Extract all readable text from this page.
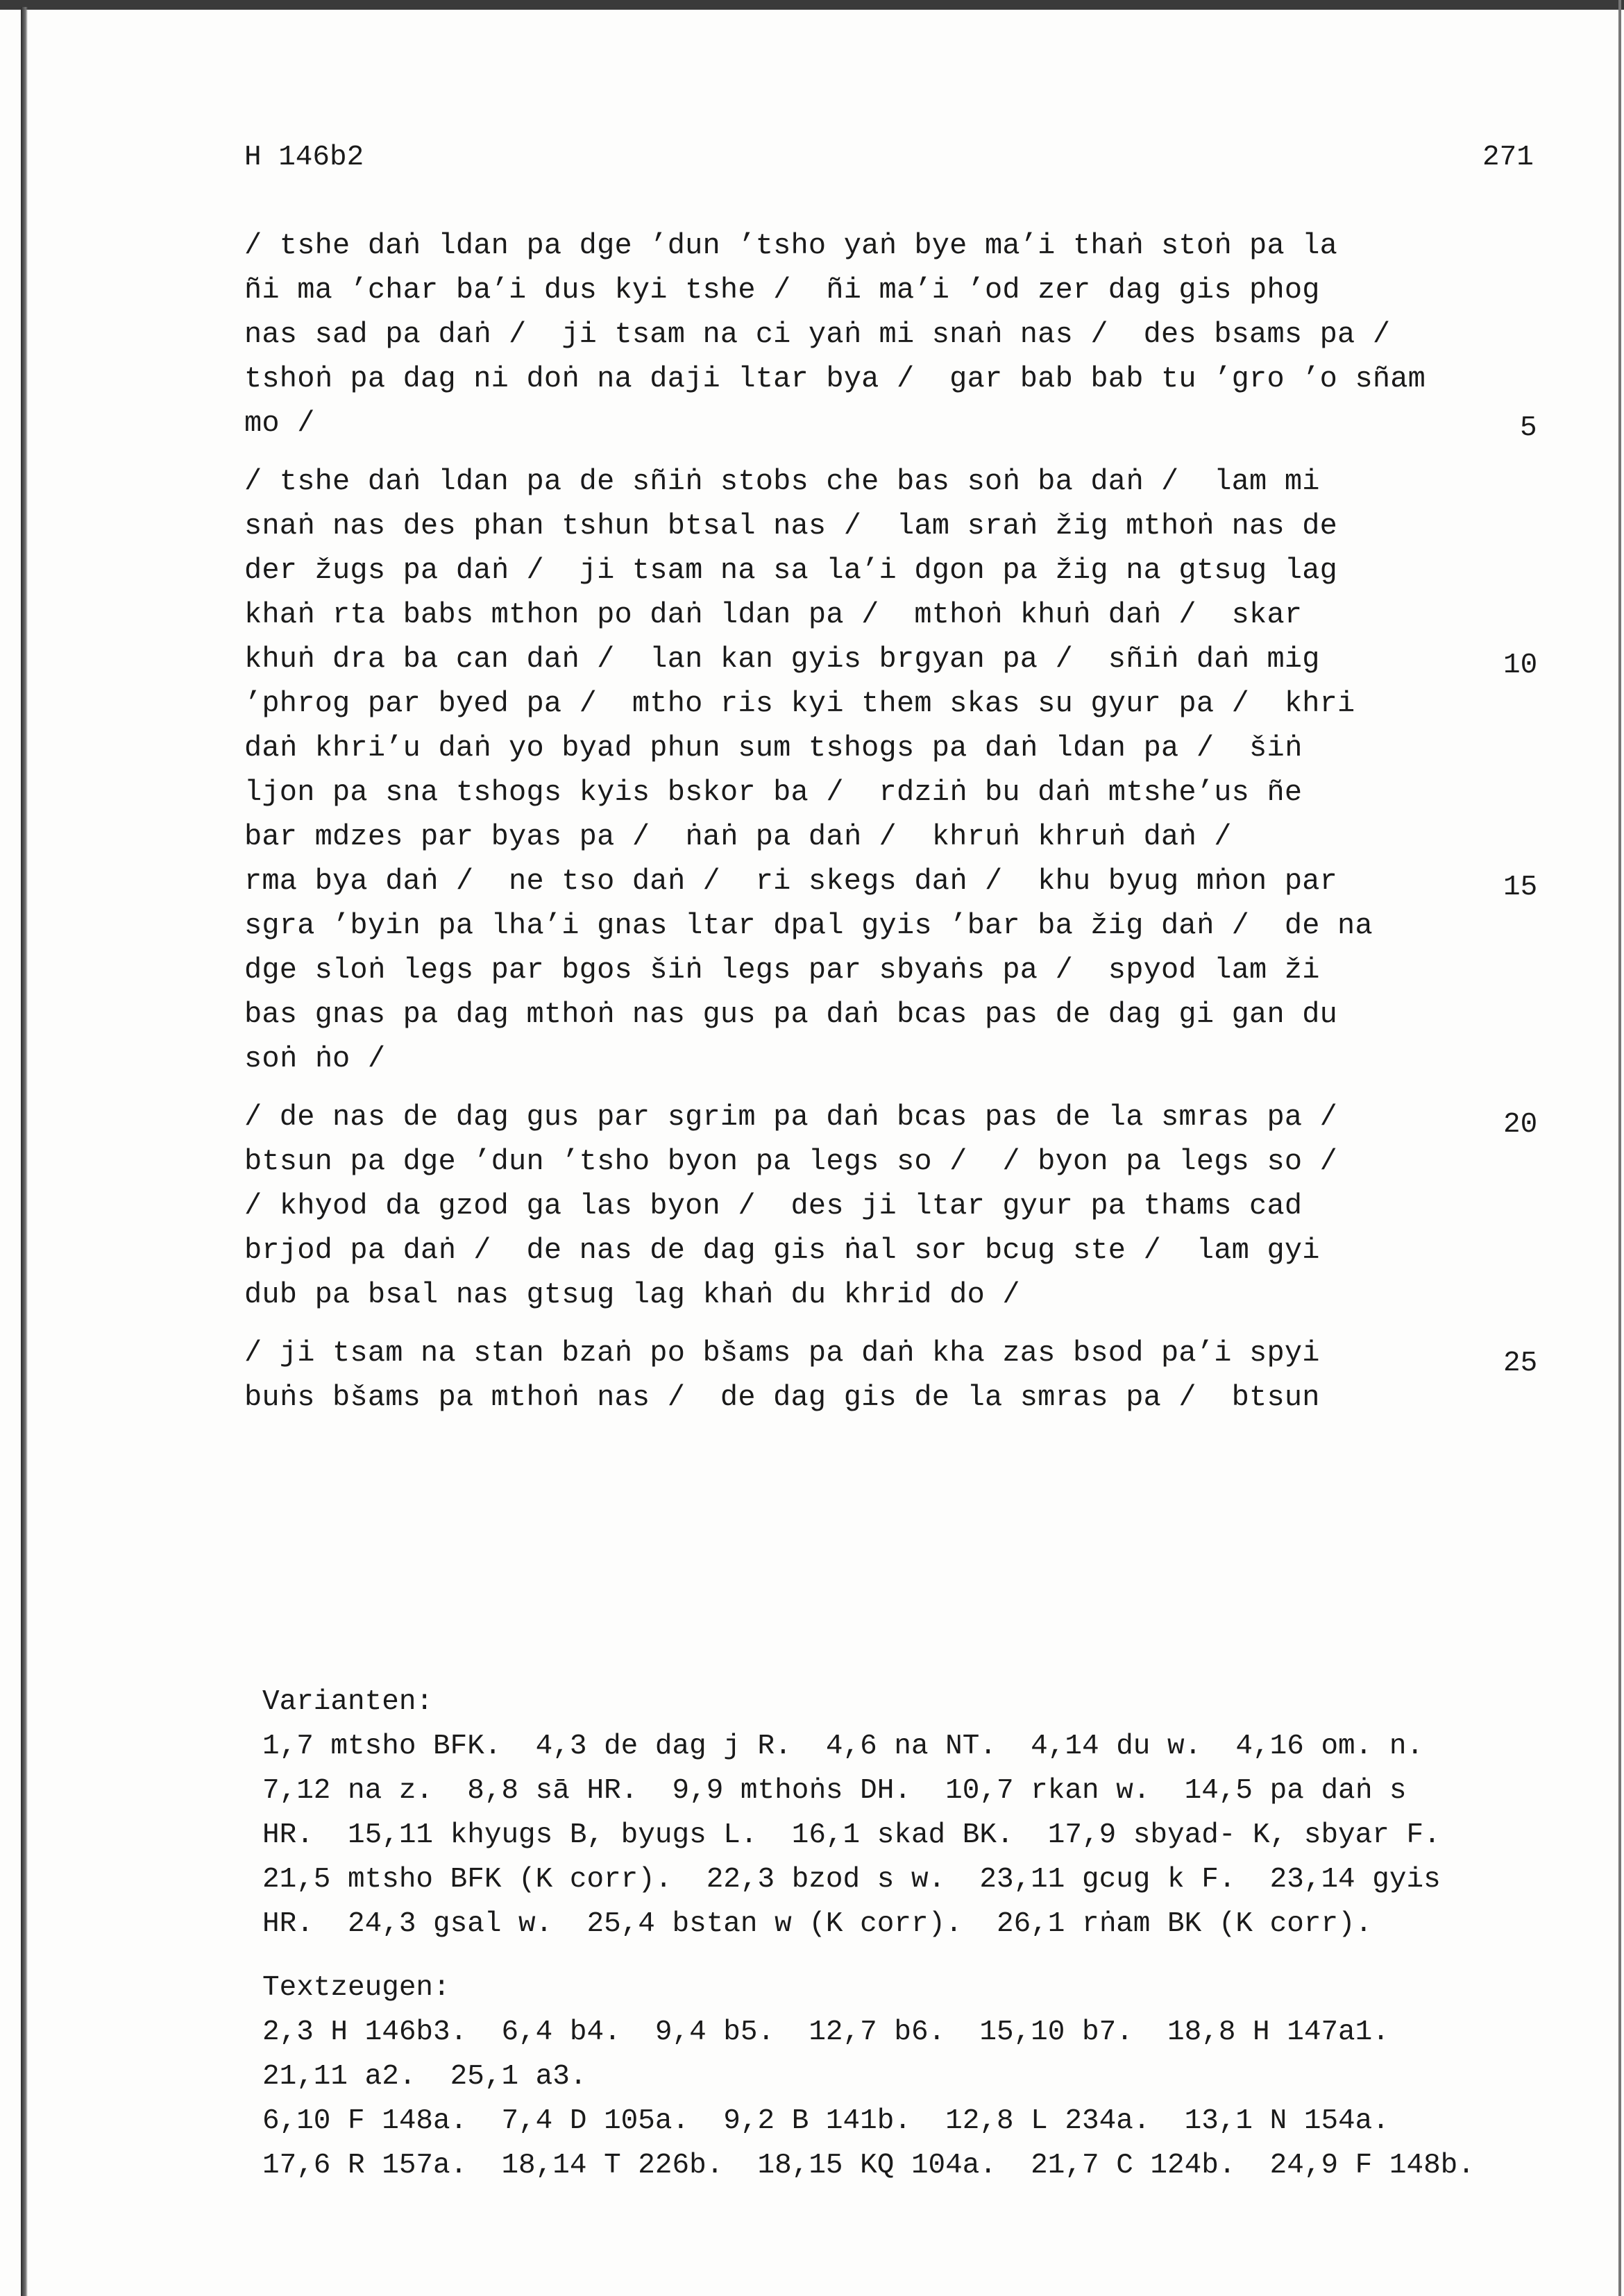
H 146b2	271
/ tshe daṅ ldan pa dge ’dun ’tsho yaṅ bye ma’i thaṅ stoṅ pa la
ñi ma ’char ba’i dus kyi tshe /  ñi ma’i ’od zer dag gis phog
nas sad pa daṅ /  ji tsam na ci yaṅ mi snaṅ nas /  des bsams pa /
tshoṅ pa dag ni doṅ na daji ltar bya /  gar bab bab tu ’gro ’o sñam
mo /
/ tshe daṅ ldan pa de sñiṅ stobs che bas soṅ ba daṅ /  lam mi
snaṅ nas des phan tshun btsal nas /  lam sraṅ žig mthoṅ nas de
der žugs pa daṅ /  ji tsam na sa la’i dgon pa žig na gtsug lag
khaṅ rta babs mthon po daṅ ldan pa /  mthoṅ khuṅ daṅ /  skar
khuṅ dra ba can daṅ /  lan kan gyis brgyan pa /  sñiṅ daṅ mig
’phrog par byed pa /  mtho ris kyi them skas su gyur pa /  khri
daṅ khri’u daṅ yo byad phun sum tshogs pa daṅ ldan pa /  šiṅ
ljon pa sna tshogs kyis bskor ba /  rdziṅ bu daṅ mtshe’us ñe
bar mdzes par byas pa /  ṅaṅ pa daṅ /  khruṅ khruṅ daṅ /
rma bya daṅ /  ne tso daṅ /  ri skegs daṅ /  khu byug mṅon par
sgra ’byin pa lha’i gnas ltar dpal gyis ’bar ba žig daṅ /  de na
dge sloṅ legs par bgos šiṅ legs par sbyaṅs pa /  spyod lam ži
bas gnas pa dag mthoṅ nas gus pa daṅ bcas pas de dag gi gan du
soṅ ṅo /
/ de nas de dag gus par sgrim pa daṅ bcas pas de la smras pa /
btsun pa dge ’dun ’tsho byon pa legs so /  / byon pa legs so /
/ khyod da gzod ga las byon /  des ji ltar gyur pa thams cad
brjod pa daṅ /  de nas de dag gis ṅal sor bcug ste /  lam gyi
dub pa bsal nas gtsug lag khaṅ du khrid do /
/ ji tsam na stan bzaṅ po bšams pa daṅ kha zas bsod pa’i spyi
buṅs bšams pa mthoṅ nas /  de dag gis de la smras pa /  btsun
5
10
15
20
25
Varianten:
1,7 mtsho BFK.  4,3 de dag j R.  4,6 na NT.  4,14 du w.  4,16 om. n.
7,12 na z.  8,8 sā HR.  9,9 mthoṅs DH.  10,7 rkan w.  14,5 pa daṅ s
HR.  15,11 khyugs B, byugs L.  16,1 skad BK.  17,9 sbyad- K, sbyar F.
21,5 mtsho BFK (K corr).  22,3 bzod s w.  23,11 gcug k F.  23,14 gyis
HR.  24,3 gsal w.  25,4 bstan w (K corr).  26,1 rṅam BK (K corr).
Textzeugen:
2,3 H 146b3.  6,4 b4.  9,4 b5.  12,7 b6.  15,10 b7.  18,8 H 147a1.
21,11 a2.  25,1 a3.
6,10 F 148a.  7,4 D 105a.  9,2 B 141b.  12,8 L 234a.  13,1 N 154a.
17,6 R 157a.  18,14 T 226b.  18,15 KQ 104a.  21,7 C 124b.  24,9 F 148b.
